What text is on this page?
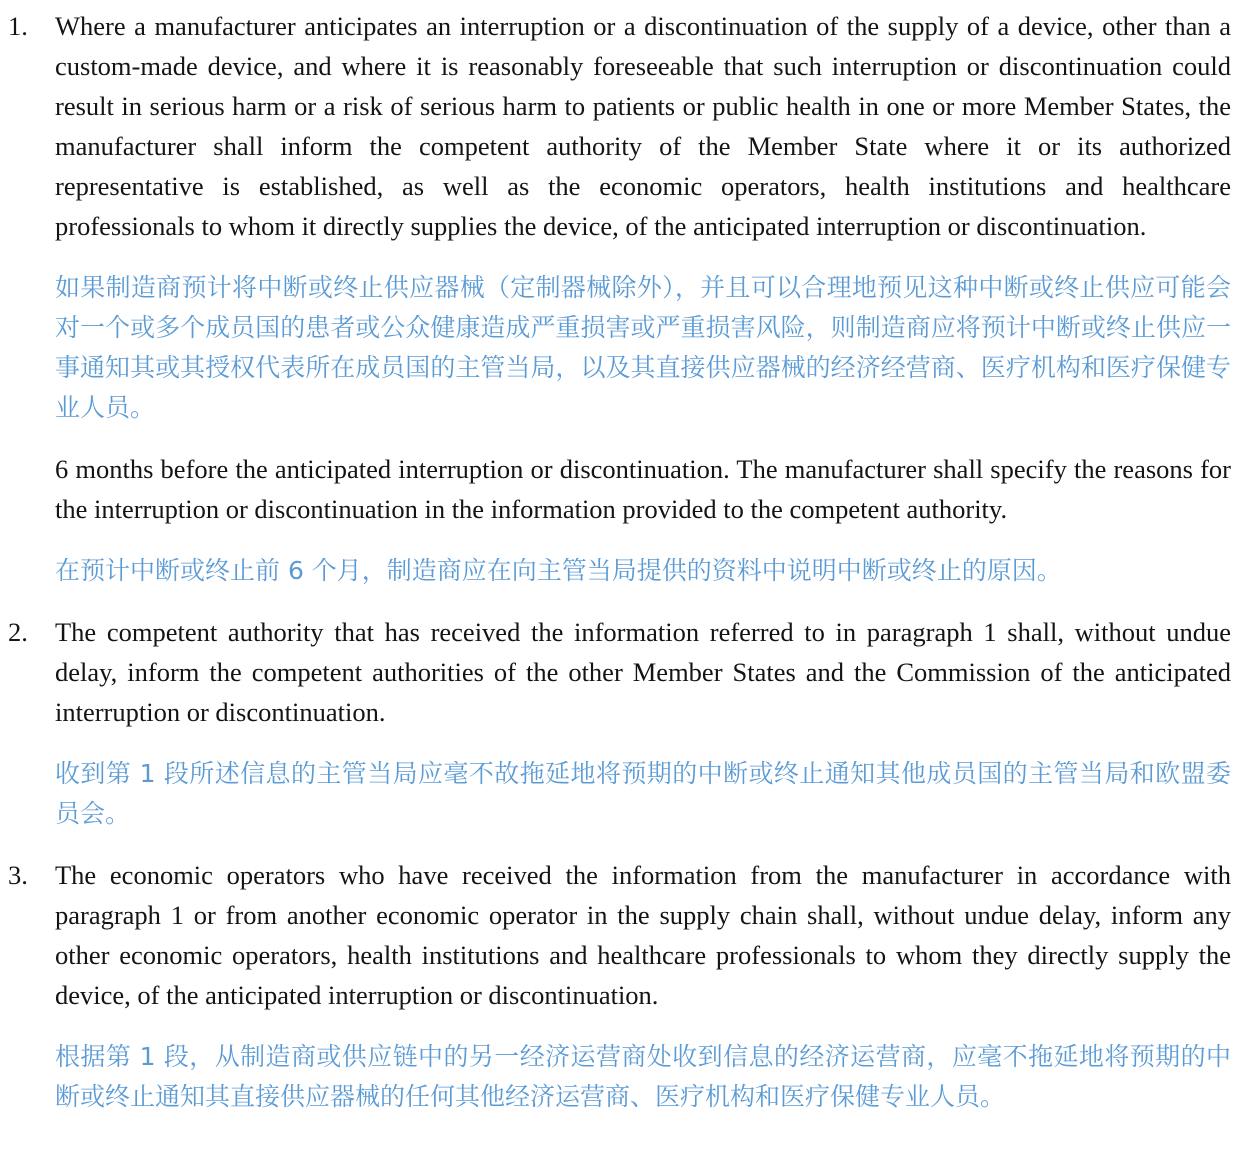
1. Where a manufacturer anticipates an interruption or a discontinuation of the supply of a device, other than a custom-made device, and where it is reasonably foreseeable that such interruption or discontinuation could result in serious harm or a risk of serious harm to patients or public health in one or more Member States, the manufacturer shall inform the competent authority of the Member State where it or its authorized representative is established, as well as the economic operators, health institutions and healthcare professionals to whom it directly supplies the device, of the anticipated interruption or discontinuation.

如果制造商预计将中断或终止供应器械（定制器械除外），并且可以合理地预见这种中断或终止供应可能会对一个或多个成员国的患者或公众健康造成严重损害或严重损害风险，则制造商应将预计中断或终止供应一事通知其或其授权代表所在成员国的主管当局，以及其直接供应器械的经济经营商、医疗机构和医疗保健专业人员。

6 months before the anticipated interruption or discontinuation. The manufacturer shall specify the reasons for the interruption or discontinuation in the information provided to the competent authority.

在预计中断或终止前 6 个月，制造商应在向主管当局提供的资料中说明中断或终止的原因。

2. The competent authority that has received the information referred to in paragraph 1 shall, without undue delay, inform the competent authorities of the other Member States and the Commission of the anticipated interruption or discontinuation.

收到第 1 段所述信息的主管当局应毫不故拖延地将预期的中断或终止通知其他成员国的主管当局和欧盟委员会。

3. The economic operators who have received the information from the manufacturer in accordance with paragraph 1 or from another economic operator in the supply chain shall, without undue delay, inform any other economic operators, health institutions and healthcare professionals to whom they directly supply the device, of the anticipated interruption or discontinuation.

根据第 1 段，从制造商或供应链中的另一经济运营商处收到信息的经济运营商，应毫不拖延地将预期的中断或终止通知其直接供应器械的任何其他经济运营商、医疗机构和医疗保健专业人员。
